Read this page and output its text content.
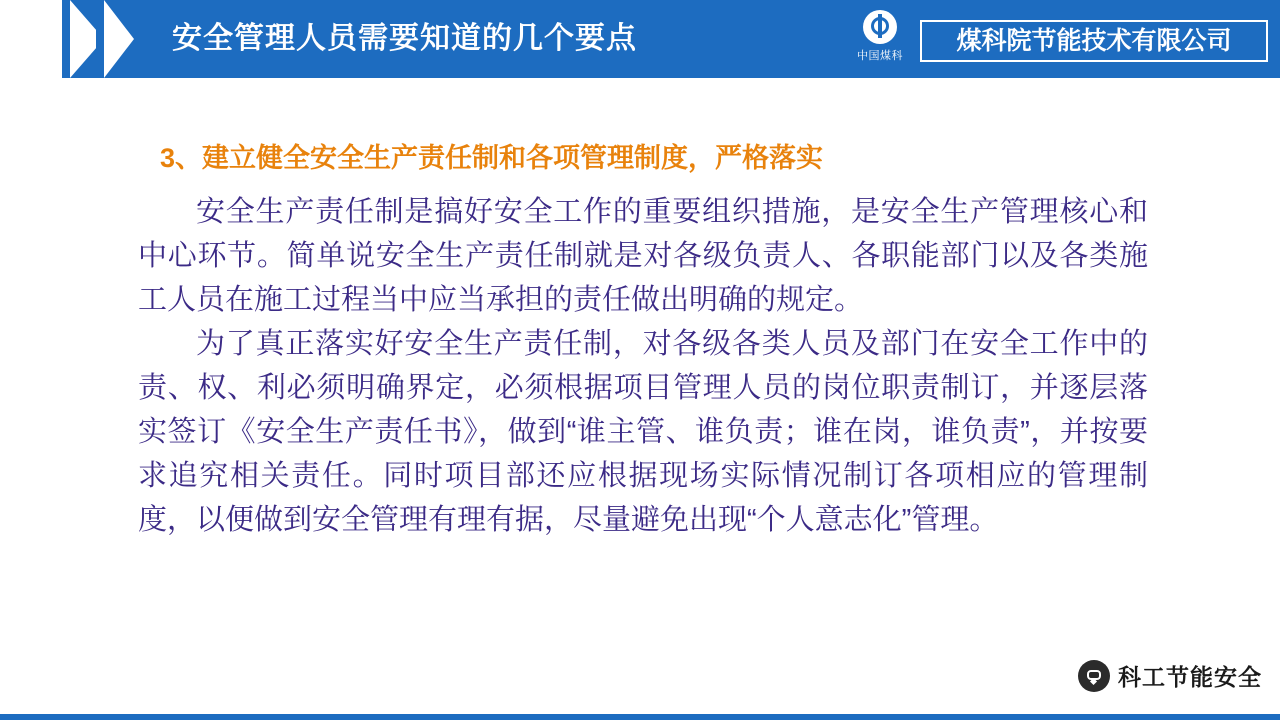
安全管理人员需要知道的几个要点
中国煤科
煤科院节能技术有限公司
3、建立健全安全生产责任制和各项管理制度，严格落实

安全生产责任制是搞好安全工作的重要组织措施，是安全生产管理核心和中心环节。简单说安全生产责任制就是对各级负责人、各职能部门以及各类施工人员在施工过程当中应当承担的责任做出明确的规定。

为了真正落实好安全生产责任制，对各级各类人员及部门在安全工作中的责、权、利必须明确界定，必须根据项目管理人员的岗位职责制订，并逐层落实签订《安全生产责任书》，做到“谁主管、谁负责；谁在岗，谁负责”，并按要求追究相关责任。同时项目部还应根据现场实际情况制订各项相应的管理制度，以便做到安全管理有理有据，尽量避免出现“个人意志化”管理。

科工节能安全
